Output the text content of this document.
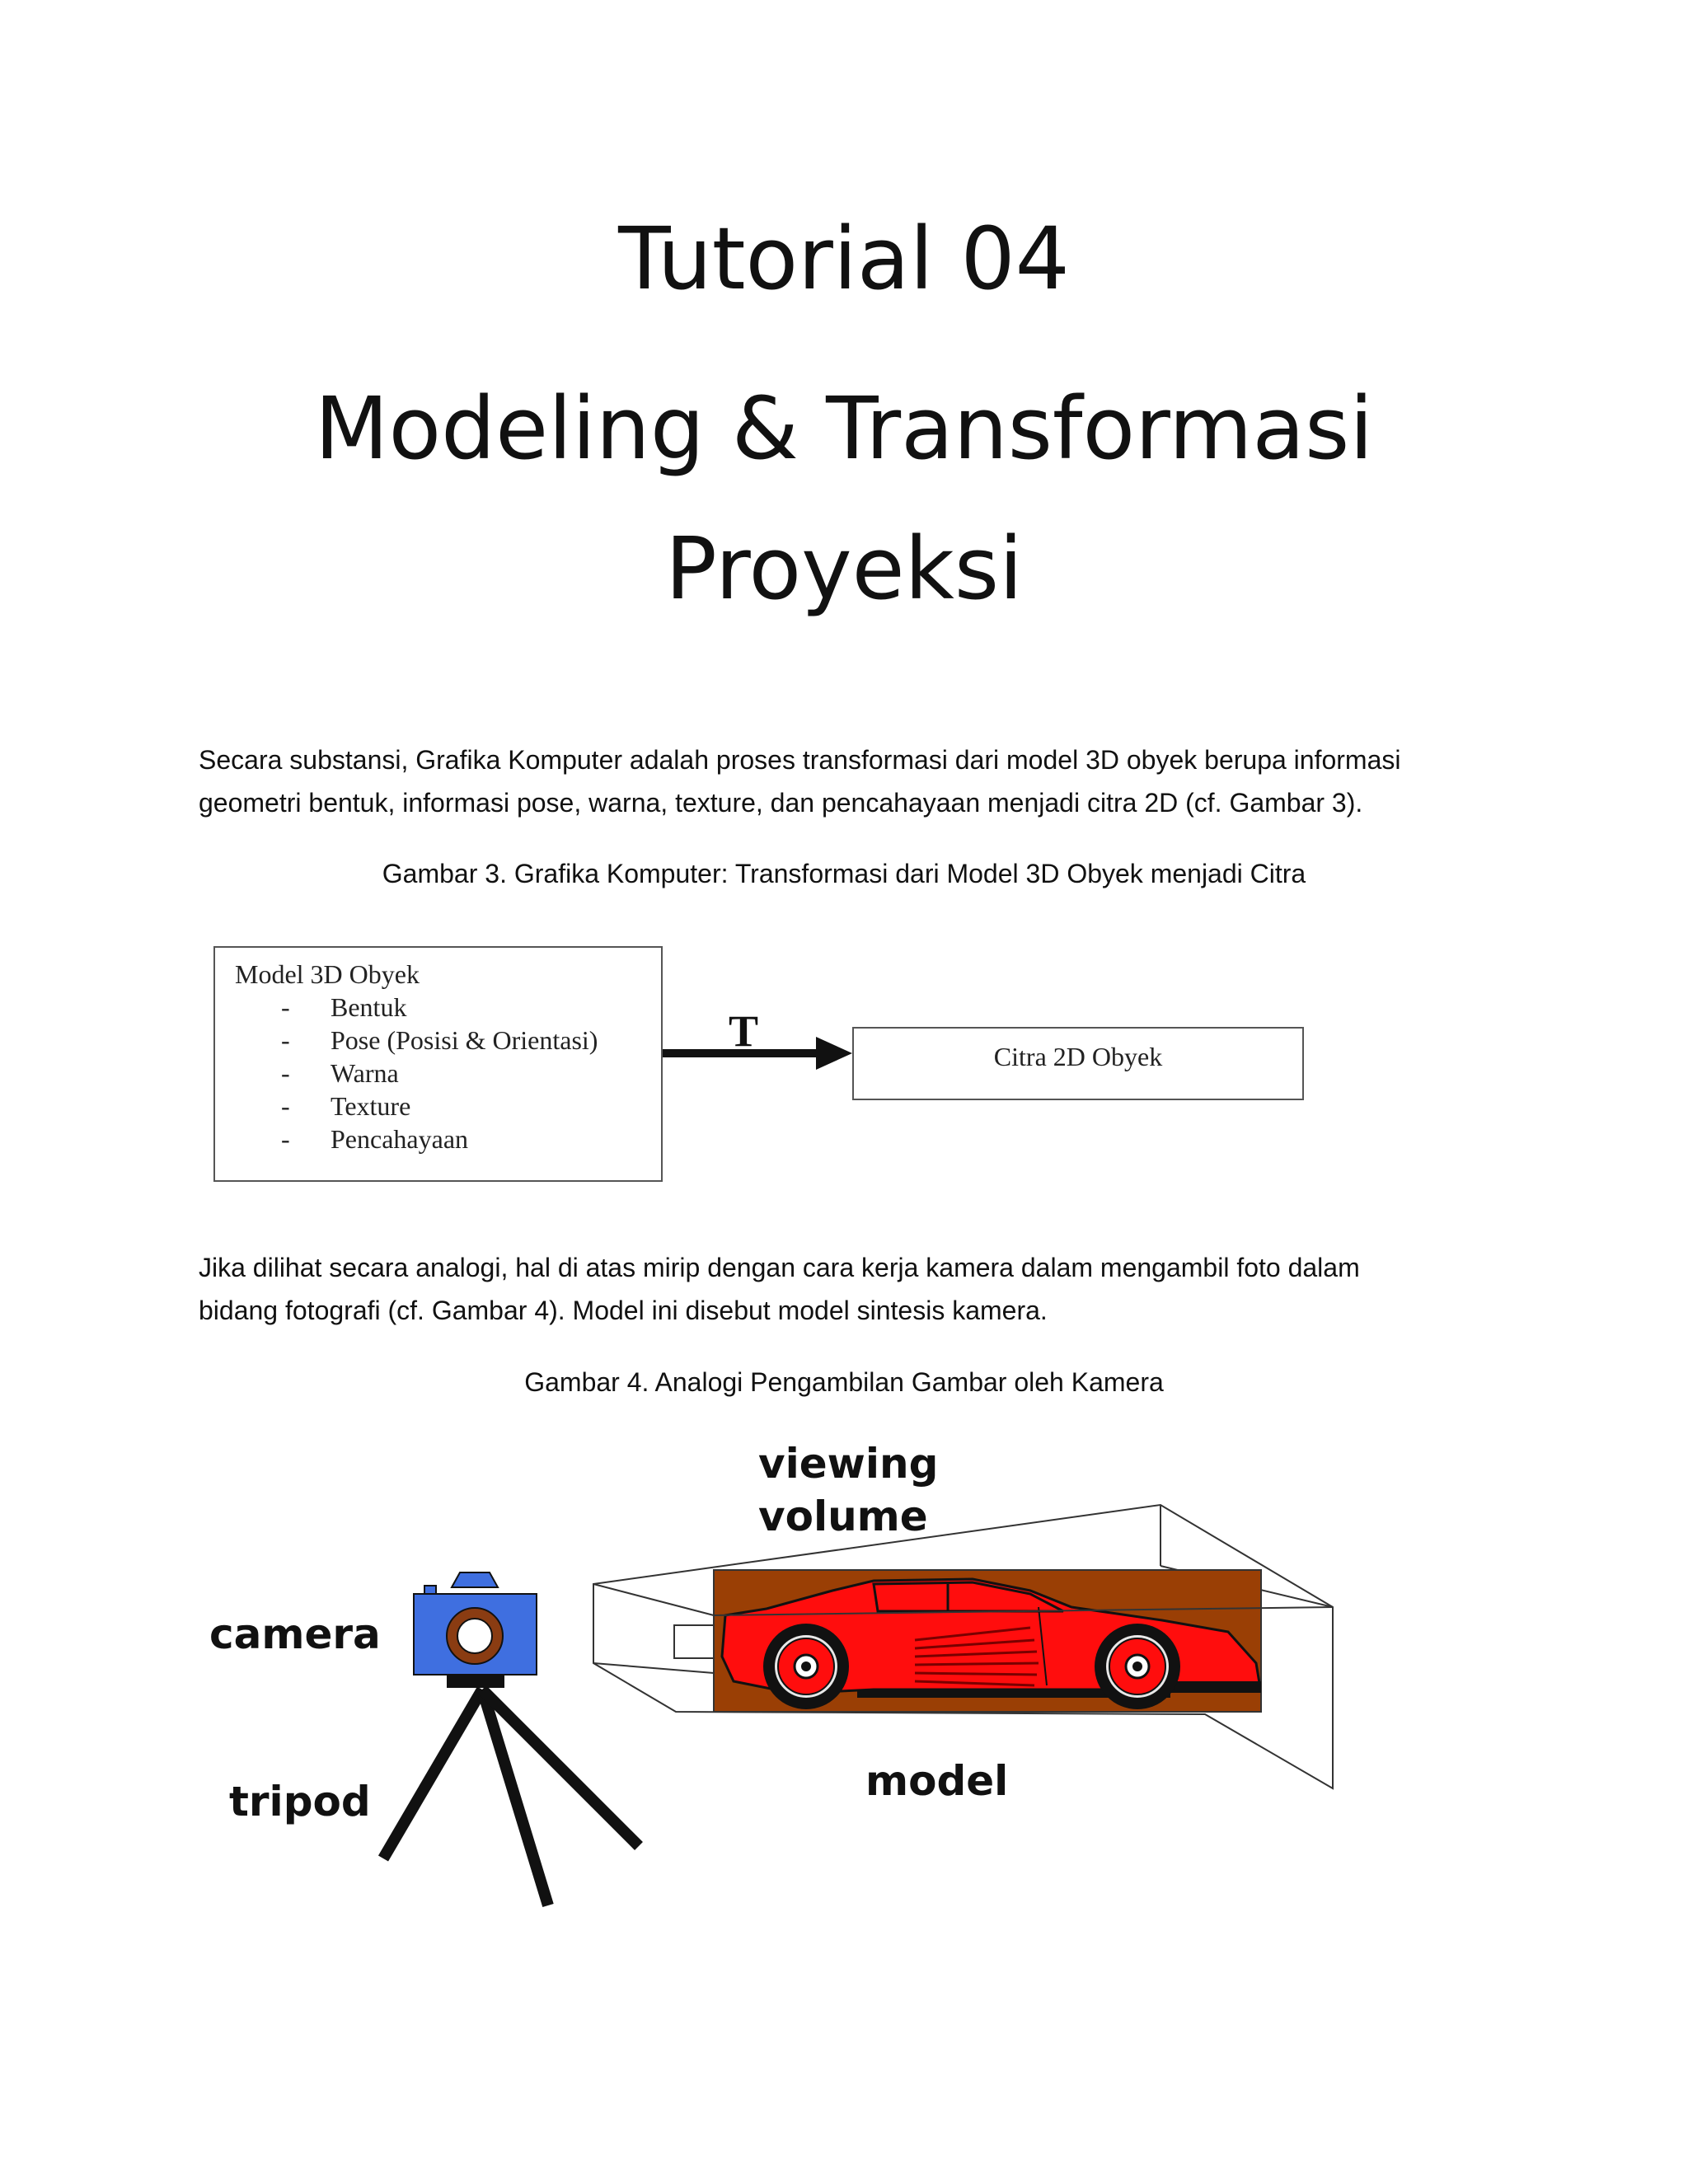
Tutorial 04
Modeling & Transformasi
Proyeksi

Secara substansi, Grafika Komputer adalah proses transformasi dari model 3D obyek berupa informasi

geometri bentuk, informasi pose, warna, texture, dan pencahayaan menjadi citra 2D (cf. Gambar 3).

Gambar 3. Grafika Komputer: Transformasi dari Model 3D Obyek menjadi Citra
Model 3D Obyek
- Bentuk
- Pose (Posisi & Orientasi)
- Warna
- Texture
- Pencahayaan
T
Citra 2D Obyek

Jika dilihat secara analogi, hal di atas mirip dengan cara kerja kamera dalam mengambil foto dalam

bidang fotografi (cf. Gambar 4). Model ini disebut model sintesis kamera.

Gambar 4. Analogi Pengambilan Gambar oleh Kamera
viewing
volume
camera
tripod	model
